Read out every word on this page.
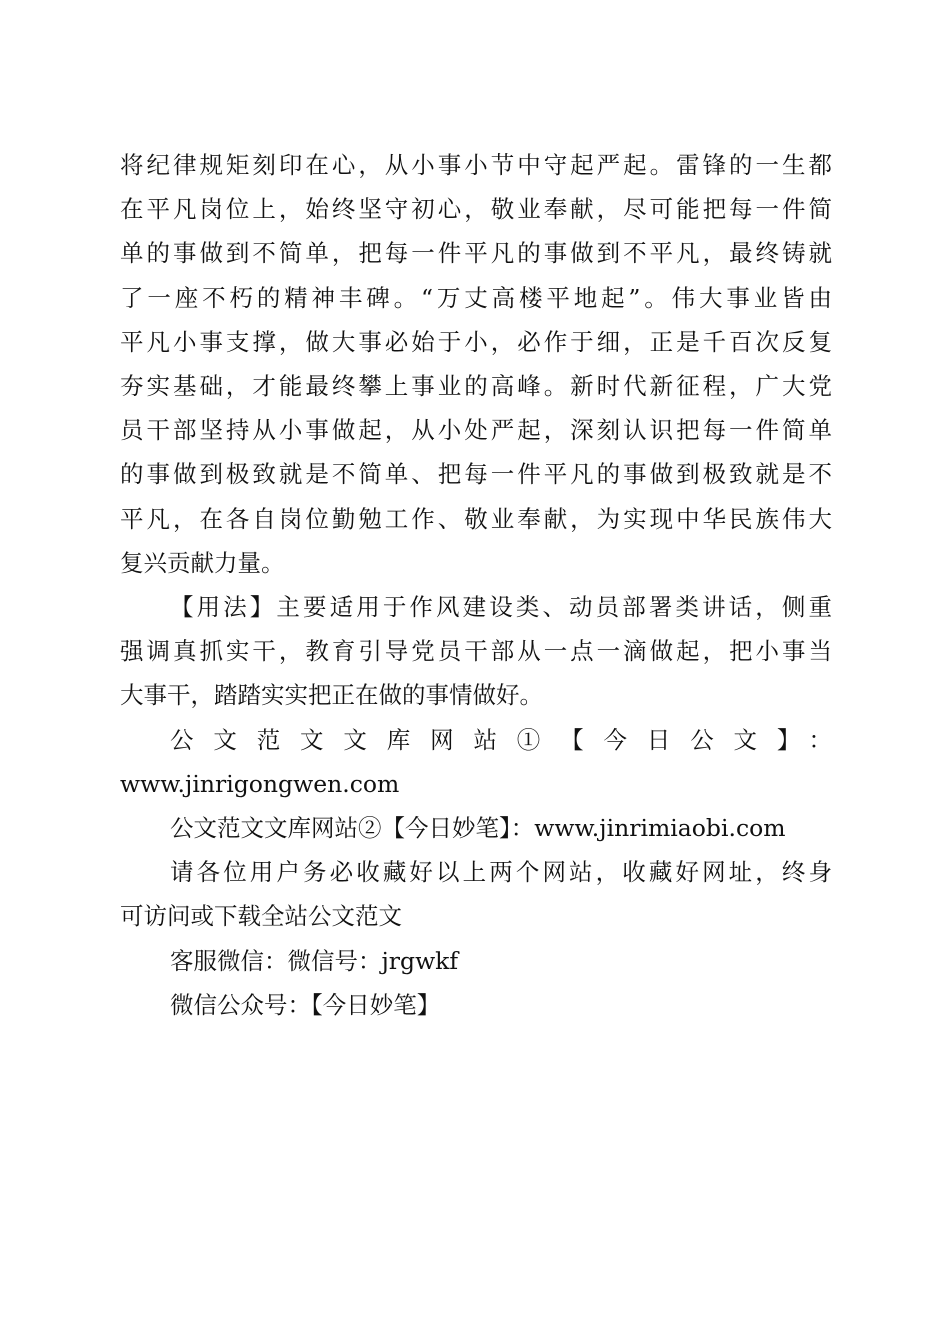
将纪律规矩刻印在心，从小事小节中守起严起。雷锋的一生都
在平凡岗位上，始终坚守初心，敬业奉献，尽可能把每一件简
单的事做到不简单，把每一件平凡的事做到不平凡，最终铸就
了一座不朽的精神丰碑。“万丈高楼平地起”。伟大事业皆由
平凡小事支撑，做大事必始于小，必作于细，正是千百次反复
夯实基础，才能最终攀上事业的高峰。新时代新征程，广大党
员干部坚持从小事做起，从小处严起，深刻认识把每一件简单
的事做到极致就是不简单、把每一件平凡的事做到极致就是不
平凡，在各自岗位勤勉工作、敬业奉献，为实现中华民族伟大
复兴贡献力量。
【用法】主要适用于作风建设类、动员部署类讲话，侧重
强调真抓实干，教育引导党员干部从一点一滴做起，把小事当
大事干，踏踏实实把正在做的事情做好。
公文范文文库网站①【今日公文】：
www.jinrigongwen.com
公文范文文库网站②【今日妙笔】：www.jinrimiaobi.com
请各位用户务必收藏好以上两个网站，收藏好网址，终身
可访问或下载全站公文范文
客服微信：微信号：jrgwkf
微信公众号：【今日妙笔】
